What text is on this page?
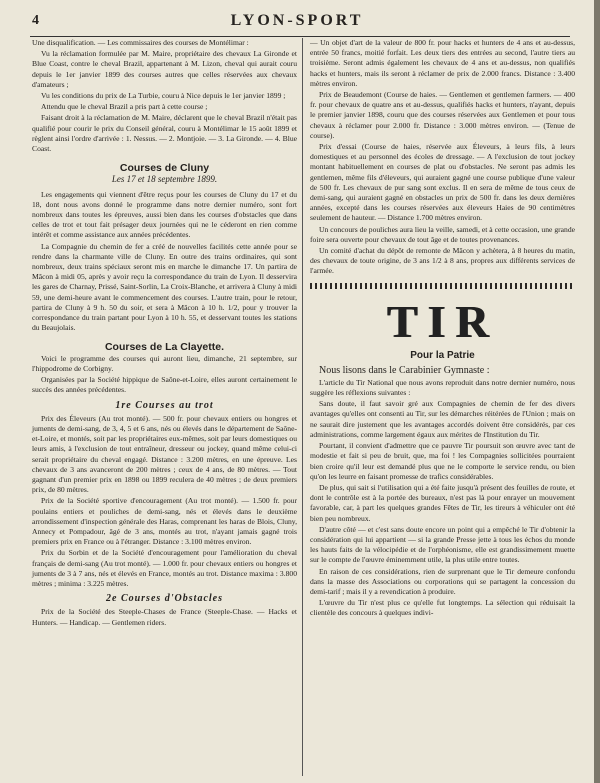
4	LYON-SPORT

Une disqualification. — Les commissaires des courses de Montélimar :

Vu la réclamation formulée par M. Maire, propriétaire des chevaux La Gironde et Blue Coast, contre le cheval Brazil, appartenant à M. Lizon, cheval qui aurait couru depuis le 1er janvier 1899 des courses autres que celles réservées aux chevaux d'amateurs ;

Vu les conditions du prix de La Turbie, couru à Nice depuis le 1er janvier 1899 ;

Attendu que le cheval Brazil a pris part à cette course ;

Faisant droit à la réclamation de M. Maire, déclarent que le cheval Brazil n'était pas qualifié pour courir le prix du Conseil général, couru à Montélimar le 15 août 1899 et règlent ainsi l'ordre d'arrivée : 1. Nessus. — 2. Montjoie. — 3. La Gironde. — 4. Blue Coast.

Courses de Cluny
Les 17 et 18 septembre 1899.

Les engagements qui viennent d'être reçus pour les courses de Cluny du 17 et du 18, dont nous avons donné le programme dans notre dernier numéro, sont fort nombreux dans toutes les épreuves, aussi bien dans les courses d'obstacles que dans celles de trot et tout fait présager deux journées qui ne le céderont en rien comme intérêt et comme assistance aux années précédentes.

La Compagnie du chemin de fer a créé de nouvelles facilités cette année pour se rendre dans la charmante ville de Cluny. En outre des trains ordinaires, qui sont nombreux, deux trains spéciaux seront mis en marche le dimanche 17. Un partira de Mâcon à midi 05, après y avoir reçu la correspondance du train de Lyon. Il desservira les gares de Charnay, Prissé, Saint-Sorlin, La Croix-Blanche, et arrivera à Cluny à midi 59, une demi-heure avant le commencement des courses. L'autre train, pour le retour, partira de Cluny à 9 h. 50 du soir, et sera à Mâcon à 10 h. 1/2, pour y trouver la correspondance du train partant pour Lyon à 10 h. 55, et desservant toutes les stations du Beaujolais.

Courses de La Clayette.

Voici le programme des courses qui auront lieu, dimanche, 21 septembre, sur l'hippodrome de Corbigny.

Organisées par la Société hippique de Saône-et-Loire, elles auront certainement le succès des années précédentes.

1re Courses au trot

Prix des Éleveurs (Au trot monté). — 500 fr. pour chevaux entiers ou hongres et juments de demi-sang, de 3, 4, 5 et 6 ans, nés ou élevés dans le département de Saône-et-Loire, et montés, soit par les propriétaires eux-mêmes, soit par leurs domestiques ou leurs amis, à l'exclusion de tout entraîneur, dresseur ou jockey, quand même celui-ci serait propriétaire du cheval engagé. Distance : 3.200 mètres, en une épreuve. Les chevaux de 3 ans avanceront de 200 mètres ; ceux de 4 ans, de 80 mètres. — Tout gagnant d'un premier prix en 1898 ou 1899 reculera de 40 mètres ; de deux premiers prix, de 80 mètres.

Prix de la Société sportive d'encouragement (Au trot monté). — 1.500 fr. pour poulains entiers et pouliches de demi-sang, nés et élevés dans le deuxième arrondissement d'inspection générale des Haras, comprenant les haras de Blois, Cluny, Annecy et Pompadour, âgé de 3 ans, montés au trot, n'ayant jamais gagné trois premiers prix en France ou à l'étranger. Distance : 3.100 mètres environ.

Prix du Sorbin et de la Société d'encouragement pour l'amélioration du cheval français de demi-sang (Au trot monté). — 1.000 fr. pour chevaux entiers ou hongres et juments de 3 à 7 ans, nés et élevés en France, montés au trot. Distance maxima : 3.800 mètres ; minima : 3.225 mètres.

2e Courses d'Obstacles

Prix de la Société des Steeple-Chases de France (Steeple-Chase. — Hacks et Hunters. — Handicap. — Gentlemen riders.

— Un objet d'art de la valeur de 800 fr. pour hacks et hunters de 4 ans et au-dessus, entrée 50 francs, moitié forfait. Les deux tiers des entrées au second, l'autre tiers au troisième. Seront admis également les chevaux de 4 ans et au-dessus, non qualifiés hacks et hunters, mais ils seront à réclamer de prix de 2.000 francs. Distance : 3.400 mètres environ.

Prix de Beaudemont (Course de haies. — Gentlemen et gentlemen farmers. — 400 fr. pour chevaux de quatre ans et au-dessus, qualifiés hacks et hunters, n'ayant, depuis le premier janvier 1898, couru que des courses réservées aux Gentlemen et pour tous chevaux à réclamer pour 2.000 fr. Distance : 3.000 mètres environ. — (Tenue de course).

Prix d'essai (Course de haies, réservée aux Éleveurs, à leurs fils, à leurs domestiques et au personnel des écoles de dressage. — A l'exclusion de tout jockey montant habituellement en courses de plat ou d'obstacles. Ne seront pas admis les gentlemen, même fils d'éleveurs, qui auraient gagné une course publique d'une valeur de 500 fr. Les chevaux de pur sang sont exclus. Il en sera de même de tous ceux de demi-sang, qui auraient gagné en obstacles un prix de 500 fr. dans les deux dernières années, excepté dans les courses réservées aux éleveurs Haies de 90 centimètres seulement de hauteur. — Distance 1.700 mètres environ.

Un concours de pouliches aura lieu la veille, samedi, et à cette occasion, une grande foire sera ouverte pour chevaux de tout âge et de toutes provenances.

Un comité d'achat du dépôt de remonte de Mâcon y achètera, à 8 heures du matin, des chevaux de toute origine, de 3 ans 1/2 à 8 ans, propres aux différents services de l'armée.

TIR
Pour la Patrie

Nous lisons dans le Carabinier Gymnaste :

L'article du Tir National que nous avons reproduit dans notre dernier numéro, nous suggère les réflexions suivantes :

Sans doute, il faut savoir gré aux Compagnies de chemin de fer des divers avantages qu'elles ont consenti au Tir, sur les démarches réitérées de l'Union ; mais on ne saurait dire justement que les avantages accordés doivent être considérés, par ces administrations, comme largement égaux aux mérites de l'Institution du Tir.

Pourtant, il convient d'admettre que ce pauvre Tir poursuit son œuvre avec tant de modestie et fait si peu de bruit, que, ma foi ! les Compagnies sollicitées pourraient bien croire qu'il leur est demandé plus que ne le comporte le service rendu, ou bien qu'on les leurre en faisant promesse de trafics considérables.

De plus, qui sait si l'utilisation qui a été faite jusqu'à présent des feuilles de route, et dont le contrôle est à la portée des bureaux, n'est pas là pour enrayer un mouvement favorable, car, à part les quelques grandes Fêtes de Tir, les tireurs à véhiculer ont été bien peu nombreux.

D'autre côté — et c'est sans doute encore un point qui a empêché le Tir d'obtenir la considération qui lui appartient — si la grande Presse jette à tous les échos du monde les hauts faits de la vélocipédie et de l'orphéonisme, elle est grandissimement muette sur le compte de l'œuvre éminemment utile, la plus utile entre toutes.

En raison de ces considérations, rien de surprenant que le Tir demeure confondu dans la masse des Associations ou corporations qui se partagent la concession du demi-tarif ; mais il y a revendication à produire.

L'œuvre du Tir n'est plus ce qu'elle fut longtemps. La sélection qui réduisait la clientèle des concours à quelques indivi-
